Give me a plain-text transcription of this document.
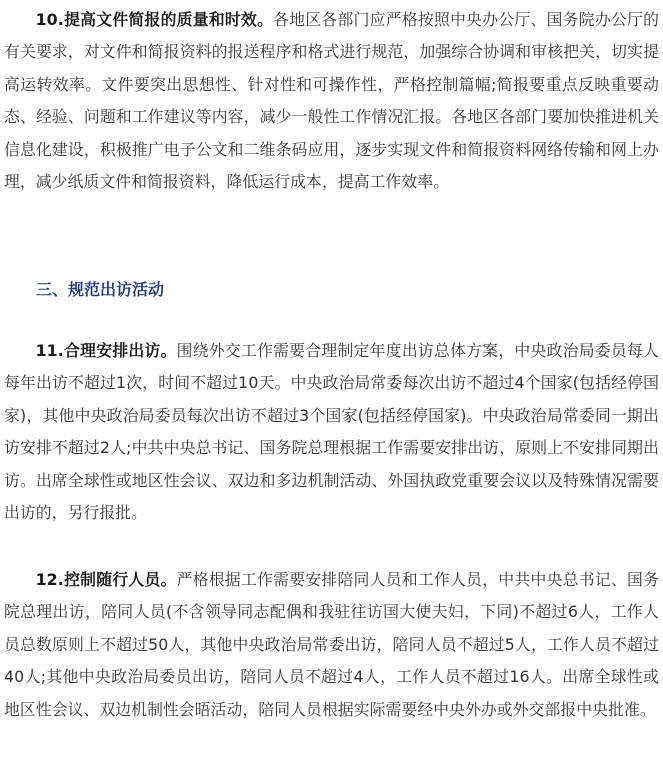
10.提高文件简报的质量和时效。各地区各部门应严格按照中央办公厅、国务院办公厅的有关要求，对文件和简报资料的报送程序和格式进行规范，加强综合协调和审核把关，切实提高运转效率。文件要突出思想性、针对性和可操作性，严格控制篇幅;简报要重点反映重要动态、经验、问题和工作建议等内容，减少一般性工作情况汇报。各地区各部门要加快推进机关信息化建设，积极推广电子公文和二维条码应用，逐步实现文件和简报资料网络传输和网上办理，减少纸质文件和简报资料，降低运行成本，提高工作效率。

三、规范出访活动

11.合理安排出访。围绕外交工作需要合理制定年度出访总体方案，中央政治局委员每人每年出访不超过1次，时间不超过10天。中央政治局常委每次出访不超过4个国家(包括经停国家)，其他中央政治局委员每次出访不超过3个国家(包括经停国家)。中央政治局常委同一期出访安排不超过2人;中共中央总书记、国务院总理根据工作需要安排出访，原则上不安排同期出访。出席全球性或地区性会议、双边和多边机制活动、外国执政党重要会议以及特殊情况需要出访的，另行报批。

12.控制随行人员。严格根据工作需要安排陪同人员和工作人员，中共中央总书记、国务院总理出访，陪同人员(不含领导同志配偶和我驻往访国大使夫妇，下同)不超过6人，工作人员总数原则上不超过50人，其他中央政治局常委出访，陪同人员不超过5人，工作人员不超过40人;其他中央政治局委员出访，陪同人员不超过4人，工作人员不超过16人。出席全球性或地区性会议、双边机制性会晤活动，陪同人员根据实际需要经中央外办或外交部报中央批准。
